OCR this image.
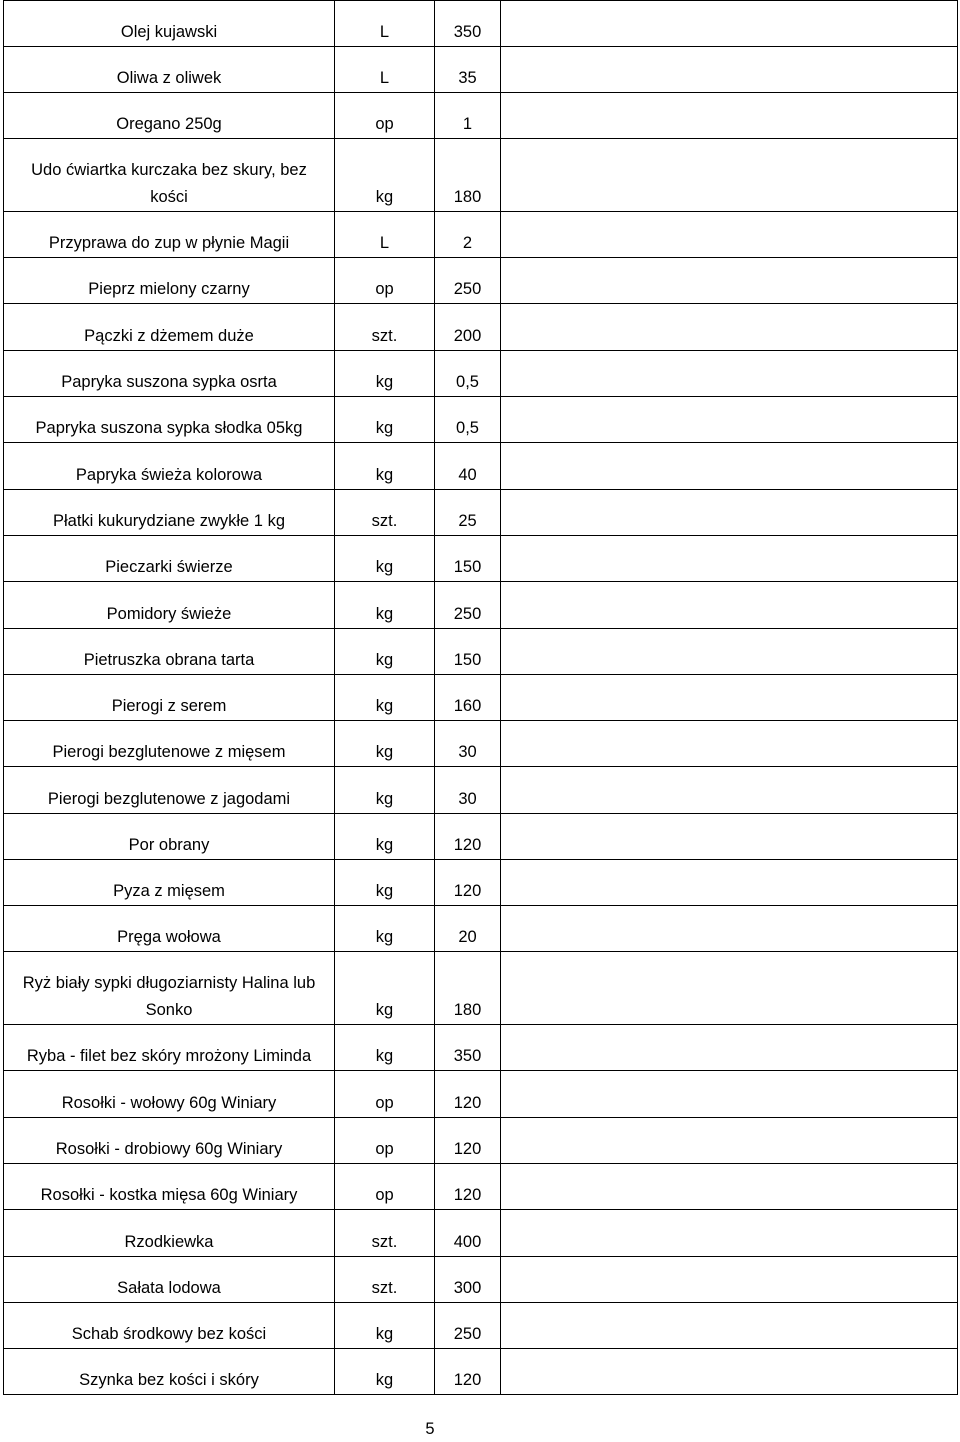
Olej kujawski	L	350	
Oliwa z oliwek	L	35	
Oregano 250g	op	1	
Udo ćwiartka kurczaka bez skury, bez kości	kg	180	
Przyprawa do zup w płynie Magii	L	2	
Pieprz mielony czarny	op	250	
Pączki z dżemem duże	szt.	200	
Papryka suszona sypka osrta	kg	0,5	
Papryka suszona sypka słodka 05kg	kg	0,5	
Papryka świeża kolorowa	kg	40	
Płatki kukurydziane zwykłe 1 kg	szt.	25	
Pieczarki świerze	kg	150	
Pomidory świeże	kg	250	
Pietruszka obrana tarta	kg	150	
Pierogi z serem	kg	160	
Pierogi bezglutenowe z mięsem	kg	30	
Pierogi bezglutenowe z jagodami	kg	30	
Por obrany	kg	120	
Pyza z mięsem	kg	120	
Pręga wołowa	kg	20	
Ryż biały sypki długoziarnisty Halina lub Sonko	kg	180	
Ryba - filet bez skóry mrożony Liminda	kg	350	
Rosołki - wołowy 60g Winiary	op	120	
Rosołki - drobiowy 60g Winiary	op	120	
Rosołki - kostka mięsa 60g Winiary	op	120	
Rzodkiewka	szt.	400	
Sałata lodowa	szt.	300	
Schab środkowy bez kości	kg	250	
Szynka bez kości i skóry	kg	120	
5
